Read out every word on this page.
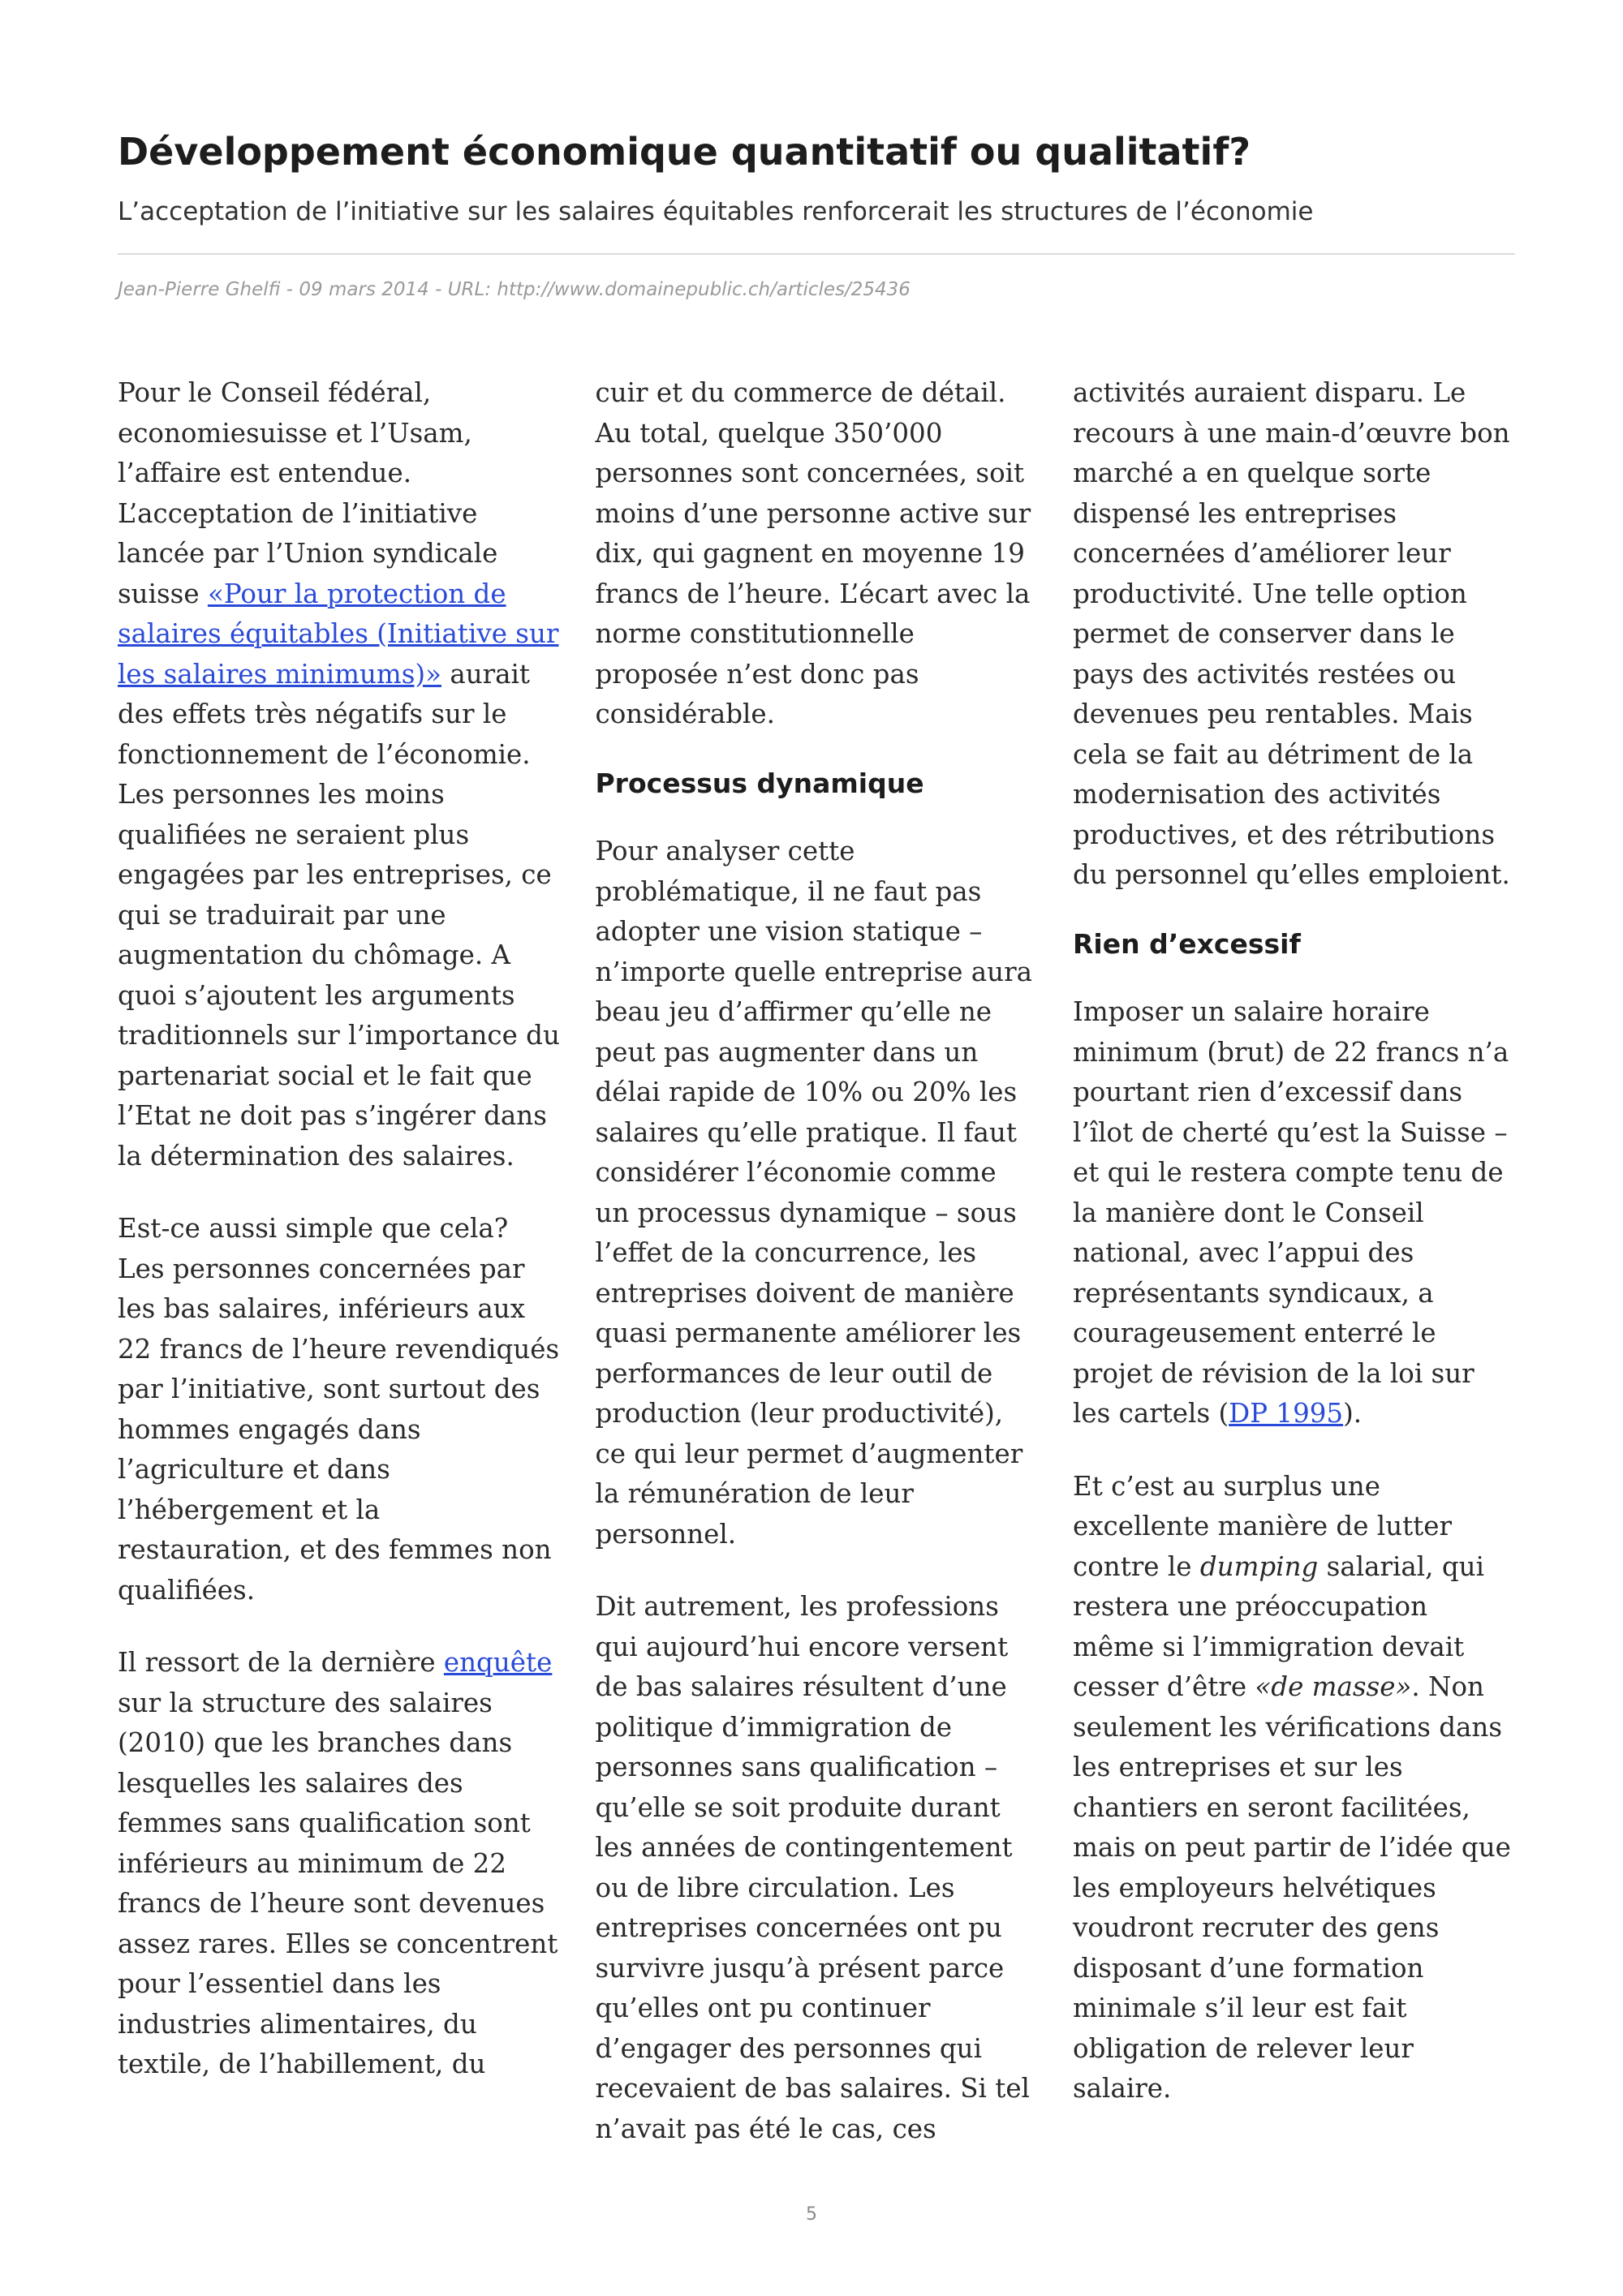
Développement économique quantitatif ou qualitatif?
L’acceptation de l’initiative sur les salaires équitables renforcerait les structures de l’économie
Jean-Pierre Ghelfi - 09 mars 2014 - URL: http://www.domainepublic.ch/articles/25436

Pour le Conseil fédéral, economiesuisse et l’Usam, l’affaire est entendue. L’acceptation de l’initiative lancée par l’Union syndicale suisse «Pour la protection de salaires équitables (Initiative sur les salaires minimums)» aurait des effets très négatifs sur le fonctionnement de l’économie. Les personnes les moins qualifiées ne seraient plus engagées par les entreprises, ce qui se traduirait par une augmentation du chômage. A quoi s’ajoutent les arguments traditionnels sur l’importance du partenariat social et le fait que l’Etat ne doit pas s’ingérer dans la détermination des salaires.

Est-ce aussi simple que cela? Les personnes concernées par les bas salaires, inférieurs aux 22 francs de l’heure revendiqués par l’initiative, sont surtout des hommes engagés dans l’agriculture et dans l’hébergement et la restauration, et des femmes non qualifiées.

Il ressort de la dernière enquête sur la structure des salaires (2010) que les branches dans lesquelles les salaires des femmes sans qualification sont inférieurs au minimum de 22 francs de l’heure sont devenues assez rares. Elles se concentrent pour l’essentiel dans les industries alimentaires, du textile, de l’habillement, du

cuir et du commerce de détail. Au total, quelque 350’000 personnes sont concernées, soit moins d’une personne active sur dix, qui gagnent en moyenne 19 francs de l’heure. L’écart avec la norme constitutionnelle proposée n’est donc pas considérable.

Processus dynamique

Pour analyser cette problématique, il ne faut pas adopter une vision statique – n’importe quelle entreprise aura beau jeu d’affirmer qu’elle ne peut pas augmenter dans un délai rapide de 10% ou 20% les salaires qu’elle pratique. Il faut considérer l’économie comme un processus dynamique – sous l’effet de la concurrence, les entreprises doivent de manière quasi permanente améliorer les performances de leur outil de production (leur productivité), ce qui leur permet d’augmenter la rémunération de leur personnel.

Dit autrement, les professions qui aujourd’hui encore versent de bas salaires résultent d’une politique d’immigration de personnes sans qualification – qu’elle se soit produite durant les années de contingentement ou de libre circulation. Les entreprises concernées ont pu survivre jusqu’à présent parce qu’elles ont pu continuer d’engager des personnes qui recevaient de bas salaires. Si tel n’avait pas été le cas, ces

activités auraient disparu. Le recours à une main-d’œuvre bon marché a en quelque sorte dispensé les entreprises concernées d’améliorer leur productivité. Une telle option permet de conserver dans le pays des activités restées ou devenues peu rentables. Mais cela se fait au détriment de la modernisation des activités productives, et des rétributions du personnel qu’elles emploient.

Rien d’excessif

Imposer un salaire horaire minimum (brut) de 22 francs n’a pourtant rien d’excessif dans l’îlot de cherté qu’est la Suisse – et qui le restera compte tenu de la manière dont le Conseil national, avec l’appui des représentants syndicaux, a courageusement enterré le projet de révision de la loi sur les cartels (DP 1995).

Et c’est au surplus une excellente manière de lutter contre le dumping salarial, qui restera une préoccupation même si l’immigration devait cesser d’être «de masse». Non seulement les vérifications dans les entreprises et sur les chantiers en seront facilitées, mais on peut partir de l’idée que les employeurs helvétiques voudront recruter des gens disposant d’une formation minimale s’il leur est fait obligation de relever leur salaire.

5
